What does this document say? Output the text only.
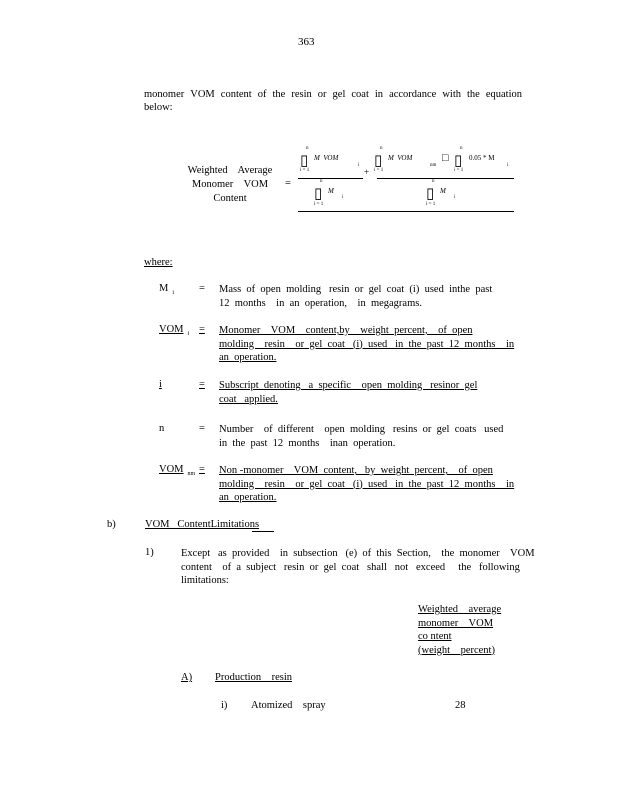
363
monomer VOM content of the resin or gel coat in accordance with the equation
below:
Weighted    Average
Monomer    VOM
Content
=
n
▯
i = 1
M  VOM
i
+
n
▯
i = 1
M  VOM
nm
□
n
▯
i = 1
0.05 * M
i
n
▯
i = 1
M
i
n
▯
i = 1
M
i
where:
M $_i$ = Mass  of  open  molding   resin  or  gel  coat  (i)  used  inthe  past
12  months    in  an  operation,    in  megagrams.
VOM $_i$ = Monomer    VOM    content,by    weight  percent,    of  open
molding    resin    or  gel  coat   (i)  used   in  the  past  12  months    in
an  operation.
i	= Subscript  denoting   a  specific    open  molding   resinor  gel
coat   applied.
n	= Number    of  different    open  molding   resins  or  gel  coats   used
in  the  past  12  months    inan  operation.
VOM $_{nm}$ = Non -monomer    VOM  content,   by  weight  percent,    of  open
molding    resin    or  gel  coat   (i)  used   in  the  past  12  months    in
an  operation.
b)	VOM   ContentLimitations
1)	Except   as  provided    in  subsection   (e)  of  this  Section,    the  monomer    VOM
content    of  a  subject   resin  or  gel  coat   shall   not   exceed     the   following
limitations:
Weighted    average
monomer    VOM
co ntent
(weight    percent)
A) Production    resin
i) Atomized    spray	28
